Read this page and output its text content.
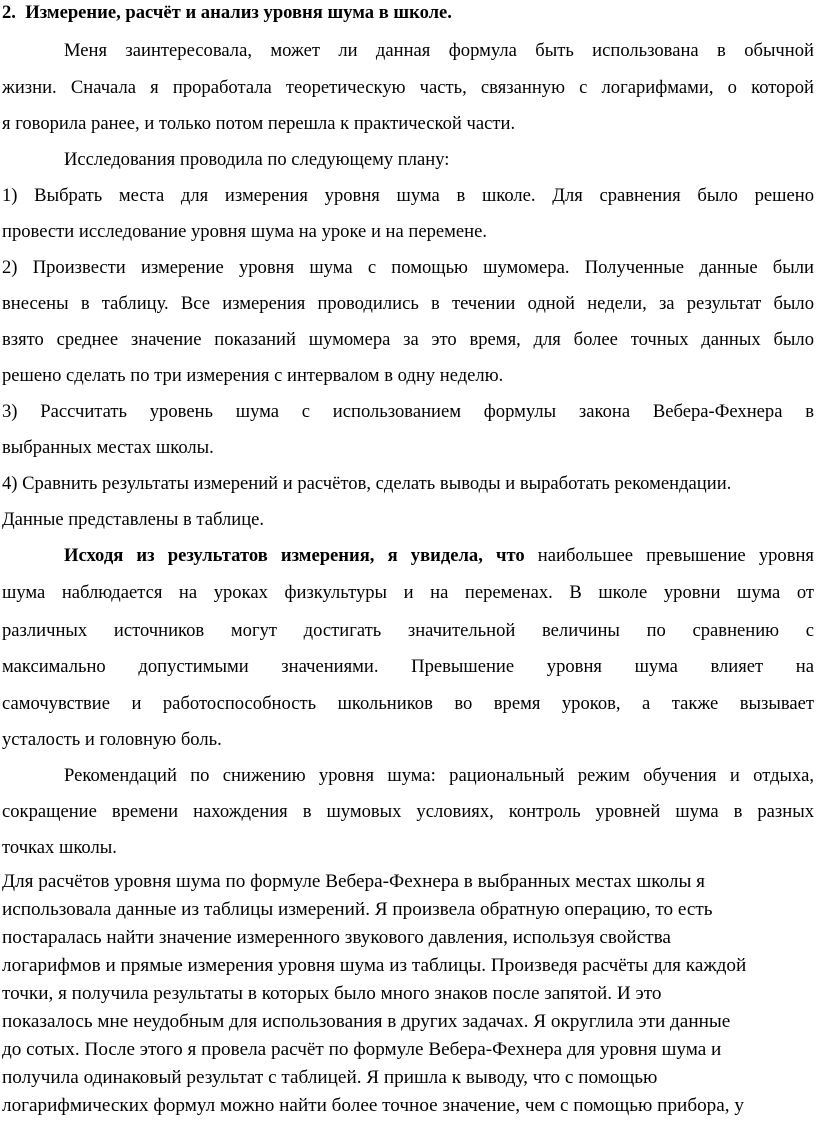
2. Измерение, расчёт и анализ уровня шума в школе.
Меня заинтересовала, может ли данная формула быть использована в обычной
жизни. Сначала я проработала теоретическую часть, связанную с логарифмами, о которой
я говорила ранее, и только потом перешла к практической части.
Исследования проводила по следующему плану:
1) Выбрать места для измерения уровня шума в школе. Для сравнения было решено
провести исследование уровня шума на уроке и на перемене.
2) Произвести измерение уровня шума с помощью шумомера. Полученные данные были
внесены в таблицу. Все измерения проводились в течении одной недели, за результат было
взято среднее значение показаний шумомера за это время, для более точных данных было
решено сделать по три измерения с интервалом в одну неделю.
3) Рассчитать уровень шума с использованием формулы закона Вебера-Фехнера в
выбранных местах школы.
4) Сравнить результаты измерений и расчётов, сделать выводы и выработать рекомендации.
Данные представлены в таблице.
Исходя из результатов измерения, я увидела, что наибольшее превышение уровня
шума наблюдается на уроках физкультуры и на переменах. В школе уровни шума от
различных источников могут достигать значительной величины по сравнению с
максимально допустимыми значениями. Превышение уровня шума влияет на
самочувствие и работоспособность школьников во время уроков, а также вызывает
усталость и головную боль.
Рекомендаций по снижению уровня шума: рациональный режим обучения и отдыха,
сокращение времени нахождения в шумовых условиях, контроль уровней шума в разных
точках школы.
Для расчётов уровня шума по формуле Вебера-Фехнера в выбранных местах школы я
использовала данные из таблицы измерений. Я произвела обратную операцию, то есть
постаралась найти значение измеренного звукового давления, используя свойства
логарифмов и прямые измерения уровня шума из таблицы. Произведя расчёты для каждой
точки, я получила результаты в которых было много знаков после запятой. И это
показалось мне неудобным для использования в других задачах. Я округлила эти данные
до сотых. После этого я провела расчёт по формуле Вебера-Фехнера для уровня шума и
получила одинаковый результат с таблицей. Я пришла к выводу, что с помощью
логарифмических формул можно найти более точное значение, чем с помощью прибора, у
